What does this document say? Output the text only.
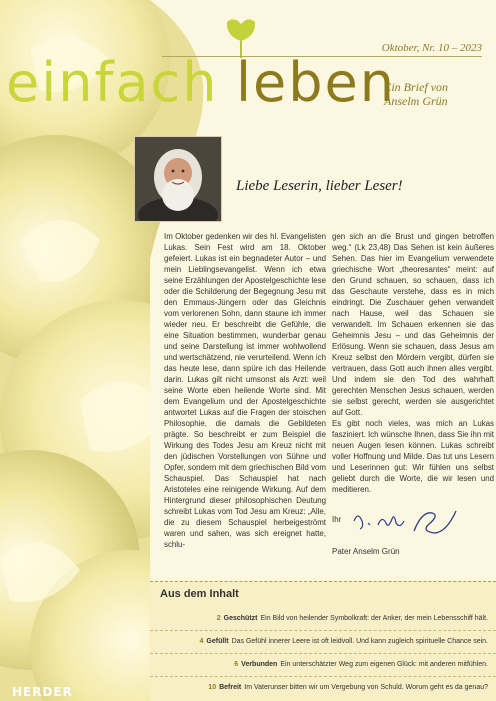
Oktober, Nr. 10 – 2023
einfach leben
Ein Brief von
Anselm Grün
Liebe Leserin, lieber Leser!

Im Oktober gedenken wir des hl. Evangelisten Lukas. Sein Fest wird am 18. Oktober gefeiert. Lukas ist ein begnadeter Autor – und mein Lieblingsevangelist. Wenn ich etwa seine Erzählungen der Apostelgeschichte lese oder die Schilderung der Begegnung Jesu mit den Emmaus-Jüngern oder das Gleichnis vom verlorenen Sohn, dann staune ich immer wieder neu. Er beschreibt die Gefühle, die eine Situation bestimmen, wunderbar genau und seine Darstellung ist immer wohlwollend und wertschätzend, nie verurteilend. Wenn ich das heute lese, dann spüre ich das Heilende darin. Lukas gilt nicht umsonst als Arzt: weil seine Worte eben heilende Worte sind. Mit dem Evangelium und der Apostelgeschichte antwortet Lukas auf die Fragen der stoischen Philosophie, die damals die Gebildeten prägte. So beschreibt er zum Beispiel die Wirkung des Todes Jesu am Kreuz nicht mit den jüdischen Vorstellungen von Sühne und Opfer, sondern mit dem griechischen Bild vom Schauspiel. Das Schauspiel hat nach Aristoteles eine reinigende Wirkung. Auf dem Hintergrund dieser philosophischen Deutung schreibt Lukas vom Tod Jesu am Kreuz: „Alle, die zu diesem Schauspiel herbeigeströmt waren und sahen, was sich ereignet hatte, schlu-

gen sich an die Brust und gingen betroffen weg.“ (Lk 23,48) Das Sehen ist kein äußeres Sehen. Das hier im Evangelium verwendete griechische Wort „theoresantes“ meint: auf den Grund schauen, so schauen, dass ich das Geschaute verstehe, dass es in mich eindringt. Die Zuschauer gehen verwandelt nach Hause, weil das Schauen sie verwandelt. Im Schauen erkennen sie das Geheimnis Jesu – und das Geheimnis der Erlösung. Wenn sie schauen, dass Jesus am Kreuz selbst den Mördern vergibt, dürfen sie vertrauen, dass Gott auch ihnen alles vergibt. Und indem sie den Tod des wahrhaft gerechten Menschen Jesus schauen, werden sie selbst gerecht, werden sie ausgerichtet auf Gott.

Es gibt noch vieles, was mich an Lukas fasziniert. Ich wünsche Ihnen, dass Sie ihn mit neuen Augen lesen können. Lukas schreibt voller Hoffnung und Milde. Das tut uns Lesern und Leserinnen gut: Wir fühlen uns selbst geliebt durch die Worte, die wir lesen und meditieren.

Ihr
Pater Anselm Grün
Aus dem Inhalt
2 Geschützt Ein Bild von heilender Symbolkraft: der Anker, der mein Lebensschiff hält.
4 Gefüllt Das Gefühl innerer Leere ist oft leidvoll. Und kann zugleich spirituelle Chance sein.
6 Verbunden Ein unterschätzter Weg zum eigenen Glück: mit anderen mitfühlen.
10 Befreit Im Vaterunser bitten wir um Vergebung von Schuld. Worum geht es da genau?
HERDER
